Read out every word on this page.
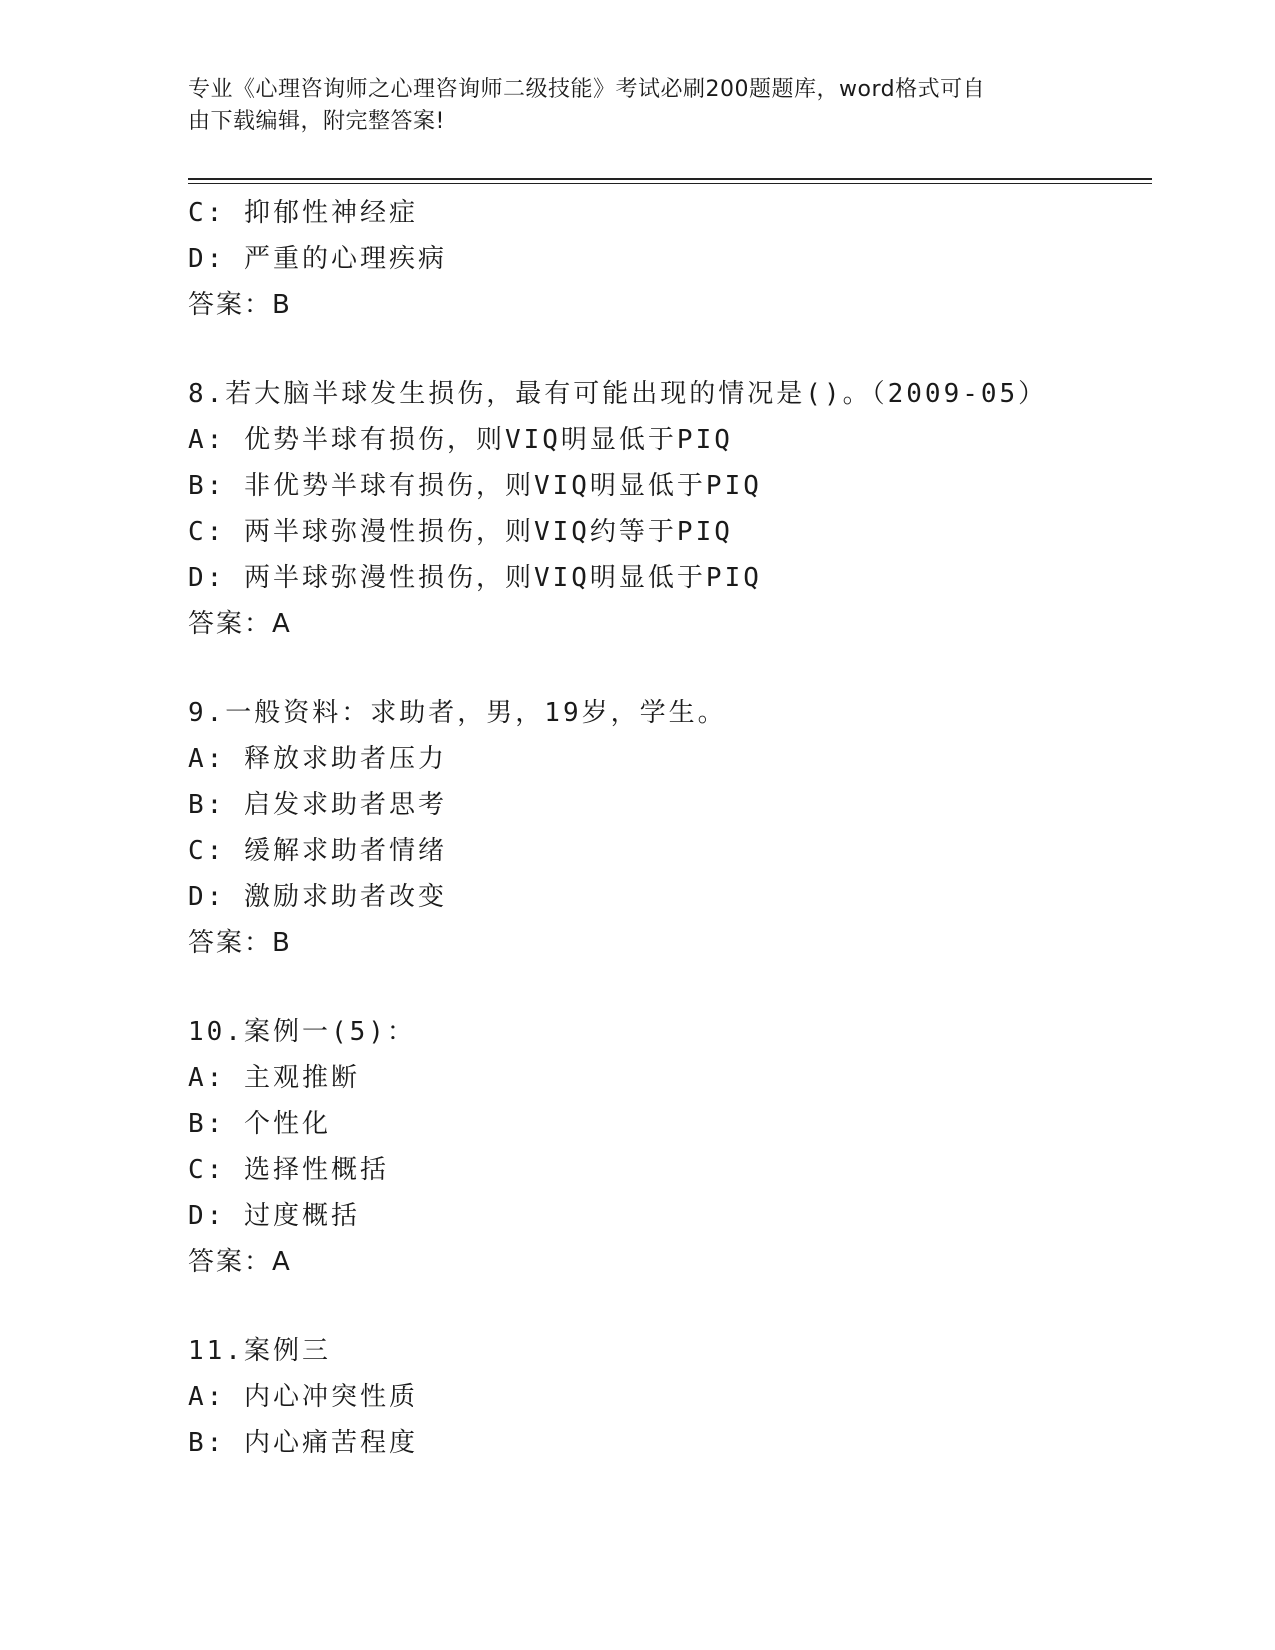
专业《心理咨询师之心理咨询师二级技能》考试必刷200题题库，word格式可自
由下载编辑，附完整答案!
C: 抑郁性神经症
D: 严重的心理疾病
答案：B
8.若大脑半球发生损伤，最有可能出现的情况是()。（2009-05）
A: 优势半球有损伤，则VIQ明显低于PIQ
B: 非优势半球有损伤，则VIQ明显低于PIQ
C: 两半球弥漫性损伤，则VIQ约等于PIQ
D: 两半球弥漫性损伤，则VIQ明显低于PIQ
答案：A
9.一般资料：求助者，男，19岁，学生。
A: 释放求助者压力
B: 启发求助者思考
C: 缓解求助者情绪
D: 激励求助者改变
答案：B
10.案例一(5)：
A: 主观推断
B: 个性化
C: 选择性概括
D: 过度概括
答案：A
11.案例三
A: 内心冲突性质
B: 内心痛苦程度
